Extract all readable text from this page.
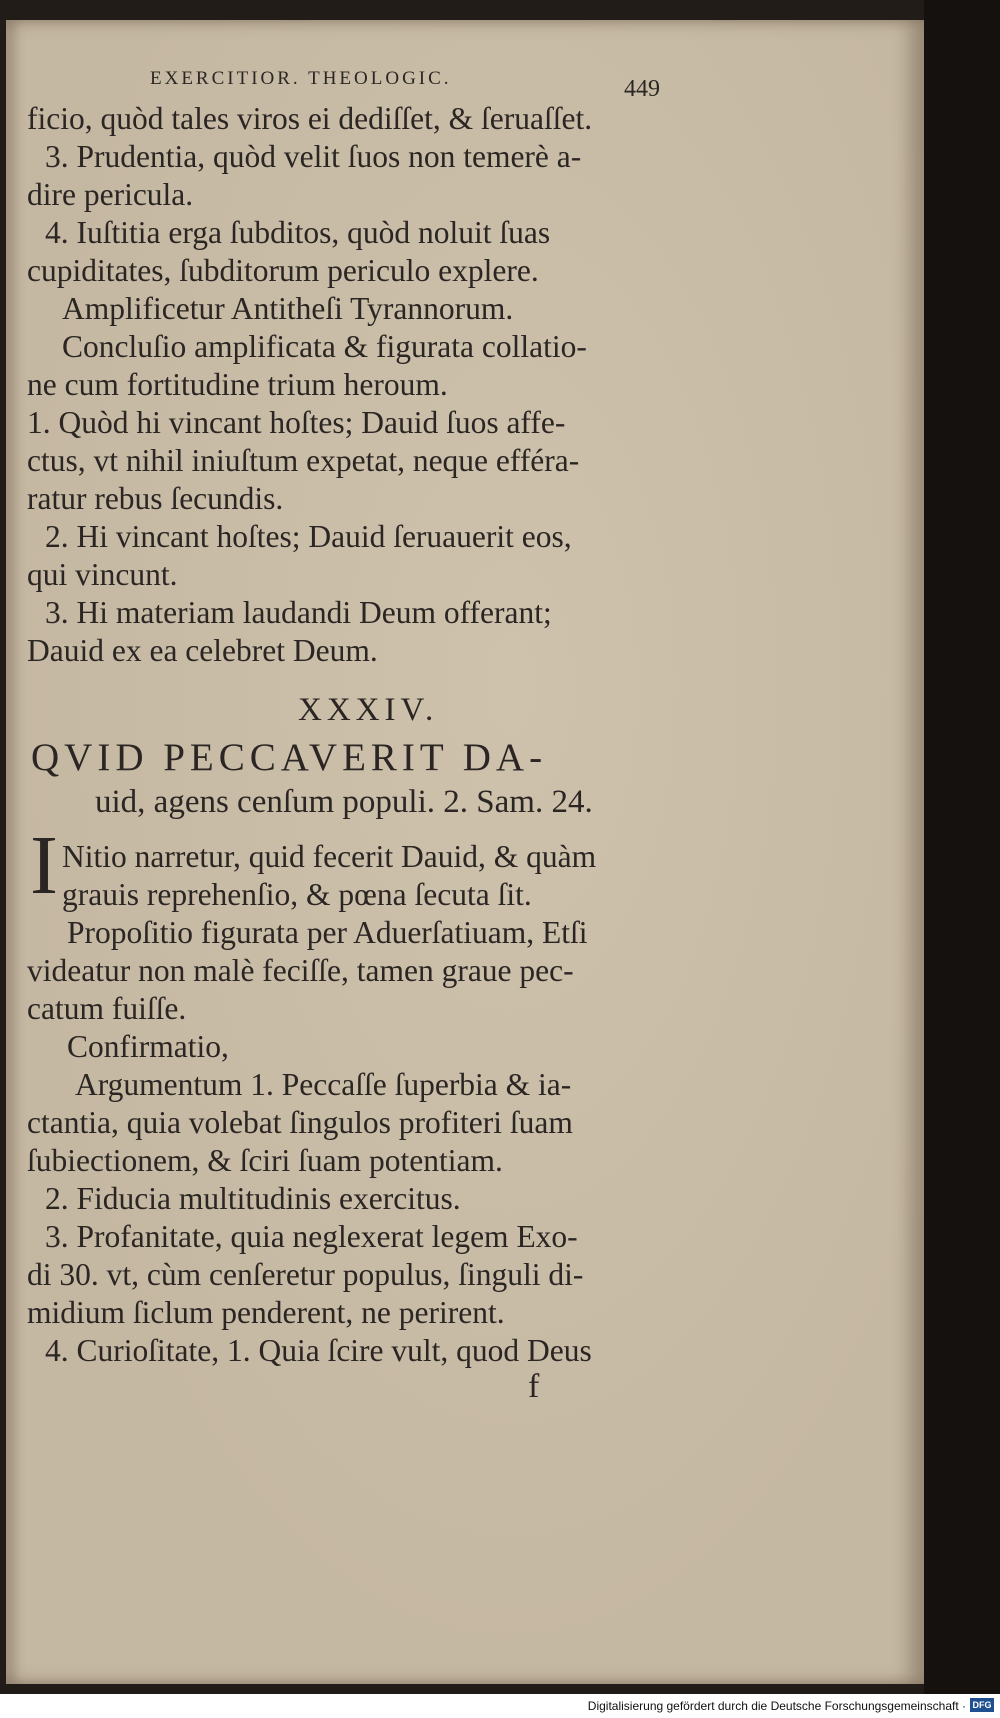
EXERCITIOR. THEOLOGIC.	449
ficio, quòd tales viros ei dediſſet, & ſeruaſſet.
3. Prudentia, quòd velit ſuos non temerè a-
dire pericula.
4. Iuſtitia erga ſubditos, quòd noluit ſuas
cupiditates, ſubditorum periculo explere.
Amplificetur Antitheſi Tyrannorum.
Concluſio amplificata & figurata collatio-
ne cum fortitudine trium heroum.
1. Quòd hi vincant hoſtes; Dauid ſuos affe-
ctus, vt nihil iniuſtum expetat, neque efféra-
ratur rebus ſecundis.
2. Hi vincant hoſtes; Dauid ſeruauerit eos,
qui vincunt.
3. Hi materiam laudandi Deum offerant;
Dauid ex ea celebret Deum.
XXXIV.
QVID PECCAVERIT DA-
uid, agens cenſum populi. 2. Sam. 24.
I Nitio narretur, quid fecerit Dauid, & quàm
grauis reprehenſio, & pœna ſecuta ſit.
Propoſitio figurata per Aduerſatiuam, Etſi
videatur non malè feciſſe, tamen graue pec-
catum fuiſſe.
Confirmatio,
Argumentum 1. Peccaſſe ſuperbia & ia-
ctantia, quia volebat ſingulos profiteri ſuam
ſubiectionem, & ſciri ſuam potentiam.
2. Fiducia multitudinis exercitus.
3. Profanitate, quia neglexerat legem Exo-
di 30. vt, cùm cenſeretur populus, ſinguli di-
midium ſiclum penderent, ne perirent.
4. Curioſitate, 1. Quia ſcire vult, quod Deus
f
Digitalisierung gefördert durch die Deutsche Forschungsgemeinschaft · DFG
